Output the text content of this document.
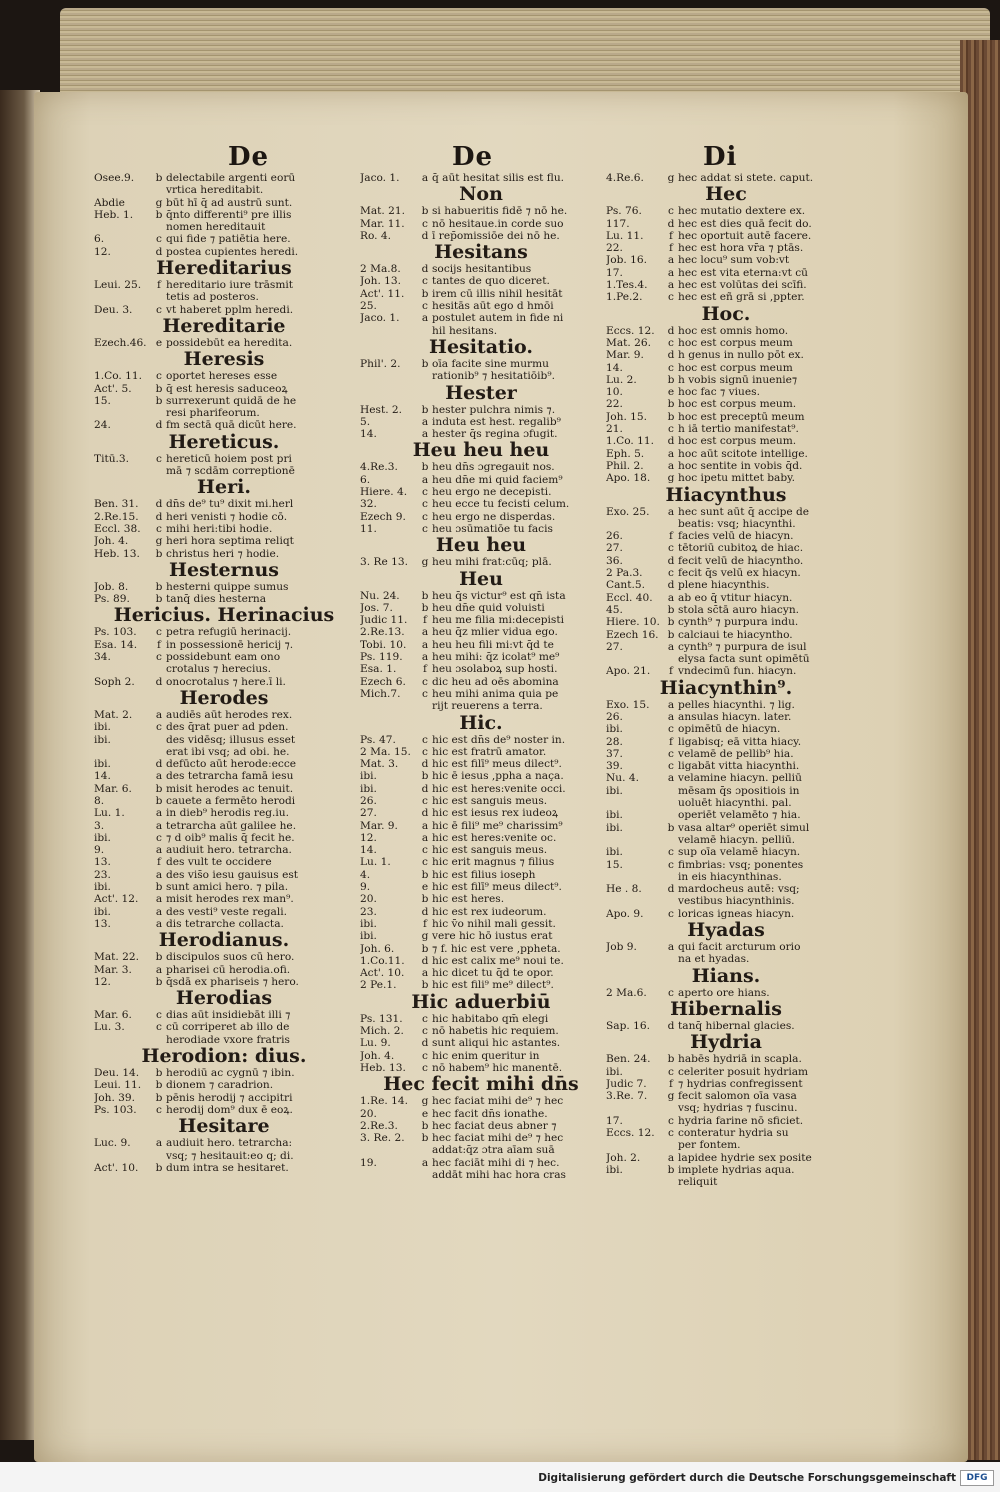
De	De	Di
Osee.9.	b delectabile argenti eorū
vrtica hereditabit.
Abdie	g būt hī q̄ ad austrū sunt.
Heb. 1.	b q̄nto differenti⁹ pre illis
nomen hereditauit
6.	c qui fide ⁊ patiētia here.
12.	d postea cupientes heredi.
Hereditarius
Leui. 25.	f hereditario iure trāsmit
tetis ad posteros.
Deu. 3.	c vt haberet pplm heredi.
Hereditarie
Ezech.46. e possidebūt ea heredita.
Heresis
1.Co. 11.	c oportet hereses esse
Act'. 5.	b q̄ est heresis saduceoꝝ
15.	b surrexerunt quidā de he
resi pharifeorum.
24.	d fm sectā quā dicūt here.
Hereticus.
Titū.3.	c hereticū hoiem post pri
mā ⁊ scdām correptionē
Heri.
Ben. 31.	d dn̄s de⁹ tu⁹ dixit mi.herl
2.Re.15.	d heri venisti ⁊ hodie cō.
Eccl. 38.	c mihi heri:tibi hodie.
Joh. 4.	g heri hora septima reliqt
Heb. 13.	b christus heri ⁊ hodie.
Hesternus
Job. 8.	b hesterni quippe sumus
Ps. 89.	b tanq̄ dies hesterna
Hericius. Herinacius
Ps. 103.	c petra refugiū herinacij.
Esa. 14.	f in possessionē hericij ⁊.
34.	c possidebunt eam ono
crotalus ⁊ herecius.
Soph 2.	d onocrotalus ⁊ here.ī li.
Herodes
Mat. 2.	a audiēs aūt herodes rex.
ibi.	c des q̄rat puer ad pden.
ibi.	des vidēsq; illusus esset
erat ibi vsq; ad obi. he.
ibi.	d defūcto aūt herode:ecce
14.	a des tetrarcha famā iesu
Mar. 6.	b misit herodes ac tenuit.
8.	b cauete a fermēto herodi
Lu. 1.	a in dieb⁹ herodis reg.iu.
3.	a tetrarcha aūt galilee he.
ibi.	c ⁊ d oib⁹ malis q̄ fecit he.
9.	a audiuit hero. tetrarcha.
13.	f des vult te occidere
23.	a des vis̄o iesu gauisus est
ibi.	b sunt amici hero. ⁊ pila.
Act'. 12.	a misit herodes rex man⁹.
ibi.	a des vesti⁹ veste regali.
13.	a dis tetrarche collacta.
Herodianus.
Mat. 22.	b discipulos suos cū hero.
Mar. 3.	a pharisei cū herodia.ofi.
12.	b q̄sdā ex phariseis ⁊ hero.
Herodias
Mar. 6.	c dias aūt insidiebāt illi ⁊
Lu. 3.	c cū corriperet ab illo de
herodiade vxore fratris
Herodion: dius.
Deu. 14.	b herodiū ac cygnū ⁊ ibin.
Leui. 11.	b dionem ⁊ caradrion.
Joh. 39.	b pēnis herodij ⁊ accipitri
Ps. 103.	c herodij dom⁹ dux ē eoꝝ.
Hesitare
Luc. 9.	a audiuit hero. tetrarcha:
vsq; ⁊ hesitauit:eo q; di.
Act'. 10.	b dum intra se hesitaret.
Jaco. 1.	a q̄ aūt hesitat silis est flu.
Non
Mat. 21.	b si habueritis fidē ⁊ nō he.
Mar. 11.	c nō hesitaue.in corde suo
Ro. 4.	d ī rep̄omissiōe dei nō he.
Hesitans
2 Ma.8.	d socijs hesitantibus
Joh. 13.	c tantes de quo diceret.
Act'. 11.	b irem cū illis nihil hesitāt
25.	c hesitās aūt ego d hmōi
Jaco. 1.	a postulet autem in fide ni
hil hesitans.
Hesitatio.
Phil'. 2.	b oīa facite sine murmu
rationib⁹ ⁊ hesitatiōib⁹.
Hester
Hest. 2.	b hester pulchra nimis ⁊.
5.	a induta est hest. regalib⁹
14.	a hester q̄s regina ɔfugit.
Heu heu heu
4.Re.3.	b heu dn̄s ɔgregauit nos.
6.	a heu dn̄e mi quid faciem⁹
Hiere. 4.	c heu ergo ne decepisti.
32.	c heu ecce tu fecisti celum.
Ezech 9.	c heu ergo ne disperdas.
11.	c heu ɔsūmatiōe tu facis
Heu heu
3. Re 13.	g heu mihi frat̄:cūq; plā.
Heu
Nu. 24.	b heu q̄s victur⁹ est qn̄ ista
Jos. 7.	b heu dn̄e quid voluisti
Judic 11.	f heu me filia mi:decepisti
2.Re.13.	a heu q̄z mlier vidua ego.
Tobi. 10.	a heu heu fili mi:vt q̄d te
Ps. 119.	a heu mihi: q̄z icolat⁹ me⁹
Esa. 1.	f heu ɔsolaboꝝ sup hosti.
Ezech 6.	c dic heu ad oēs abomina
Mich.7.	c heu mihi anima quia pe
rijt reuerens a terra.
Hic.
Ps. 47.	c hic est dn̄s de⁹ noster in.
2 Ma. 15.	c hic est fratrū amator.
Mat. 3.	d hic est filī⁹ meus dilect⁹.
ibi.	b hic ē iesus ,ppha a naça.
ibi.	d hic est heres:venite occi.
26.	c hic est sanguis meus.
27.	d hic est iesus rex iudeoꝝ
Mar. 9.	a hic ē fili⁹ me⁹ charissim⁹
12.	a hic est heres:venite oc.
14.	c hic est sanguis meus.
Lu. 1.	c hic erit magnus ⁊ filius
4.	b hic est filius ioseph
9.	e hic est filī⁹ meus dilect⁹.
20.	b hic est heres.
23.	d hic est rex iudeorum.
ibi.	f hic v̄o nihil mali gessit.
ibi.	g vere hic hō iustus erat
Joh. 6.	b ⁊ f. hic est vere ,ppheta.
1.Co.11.	d hic est calix me⁹ noui te.
Act'. 10.	a hic dicet tu q̄d te opor.
2 Pe.1.	b hic est fili⁹ me⁹ dilect⁹.
Hic aduerbiū
Ps. 131.	c hic habitabo qm̄ elegi
Mich. 2.	c nō habetis hic requiem.
Lu. 9.	d sunt aliqui hic astantes.
Joh. 4.	c hic enim queritur in
Heb. 13.	c nō habem⁹ hic manentē.
Hec fecit mihi dn̄s
1.Re. 14.	g hec faciat mihi de⁹ ⁊ hec
20.	e hec facit dn̄s ionathe.
2.Re.3.	b hec faciat deus abner ⁊
3. Re. 2.	b hec faciat mihi de⁹ ⁊ hec
addat:q̄z ɔtra aīam suā
19.	a hec faciāt mihi di ⁊ hec.
addāt mihi hac hora cras
4.Re.6.	g hec addat si stete. caput.
Hec
Ps. 76.	c hec mutatio dextere ex.
117.	d hec est dies quā fecit do.
Lu. 11.	f hec oportuit autē facere.
22.	f hec est hora vr̄a ⁊ ptās.
Job. 16.	a hec locu⁹ sum vob:vt
17.	a hec est vita eterna:vt cū
1.Tes.4.	a hec est volūtas dei scīfi.
1.Pe.2.	c hec est eñ grā si ,ppter.
Hoc.
Eccs. 12.	d hoc est omnis homo.
Mat. 26.	c hoc est corpus meum
Mar. 9.	d h genus in nullo pōt ex.
14.	c hoc est corpus meum
Lu. 2.	b h vobis signū inuenie⁊
10.	e hoc fac ⁊ viues.
22.	b hoc est corpus meum.
Joh. 15.	b hoc est preceptū meum
21.	c h iā tertio manifestat⁹.
1.Co. 11.	d hoc est corpus meum.
Eph. 5.	a hoc aūt scitote intellige.
Phil. 2.	a hoc sentite in vobis q̄d.
Apo. 18.	g hoc ipetu mittet baby.
Hiacynthus
Exo. 25.	a hec sunt aūt q̄ accipe de
beatis: vsq; hiacynthi.
26.	f facies velū de hiacyn.
27.	c tētoriū cubitoꝝ de hiac.
36.	d fecit velū de hiacyntho.
2 Pa.3.	c fecit q̄s velū ex hiacyn.
Cant.5.	d plene hiacynthis.
Eccl. 40.	a ab eo q̄ vtitur hiacyn.
45.	b stola sc̄tā auro hiacyn.
Hiere. 10. b cynth⁹ ⁊ purpura indu.
Ezech 16. b calciaui te hiacyntho.
27.	a cynth⁹ ⁊ purpura de isul
elysa facta sunt opimētū
Apo. 21.	f vndecimū fun. hiacyn.
Hiacynthin⁹.
Exo. 15.	a pelles hiacynthi. ⁊ lig.
26.	a ansulas hiacyn. later.
ibi.	c opimētū de hiacyn.
28.	f ligabisq; eā vitta hiacy.
37.	c velamē de pellib⁹ hia.
39.	c ligabāt vitta hiacynthi.
Nu. 4.	a velamine hiacyn. pelliū
ibi.	mēsam q̄s ɔpositiois in
uoluēt hiacynthi. pal.
ibi.	operiēt velamēto ⁊ hia.
ibi.	b vasa altar⁹ operiēt simul
velamē hiacyn. pelliū.
ibi.	c sup oīa velamē hiacyn.
15.	c fimbrias: vsq; ponentes
in eis hiacynthinas.
He . 8.	d mardocheus autē: vsq;
vestibus hiacynthinis.
Apo. 9.	c loricas igneas hiacyn.
Hyadas
Job 9.	a qui facit arcturum orio
na et hyadas.
Hians.
2 Ma.6.	c aperto ore hians.
Hibernalis
Sap. 16.	d tanq̄ hibernal glacies.
Hydria
Ben. 24.	b habēs hydriā in scapla.
ibi.	c celeriter posuit hydriam
Judic 7.	f ⁊ hydrias confregissent
3.Re. 7.	g fecit salomon oīa vasa
vsq; hydrias ⁊ fuscinu.
17.	c hydria farine nō sficiet.
Eccs. 12.	c conteratur hydria su
per fontem.
Joh. 2.	a lapidee hydrie sex posite
ibi.	b implete hydrias aqua.
reliquit
Digitalisierung gefördert durch die Deutsche Forschungsgemeinschaft	DFG
